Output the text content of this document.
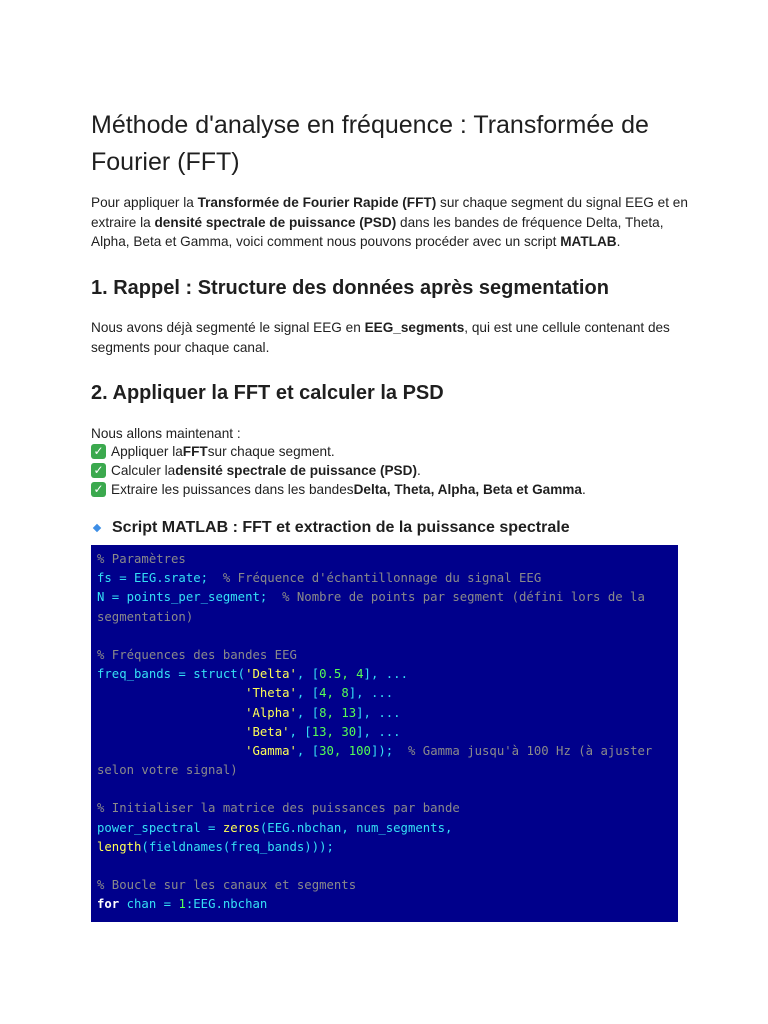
Méthode d'analyse en fréquence : Transformée de Fourier (FFT)

Pour appliquer la Transformée de Fourier Rapide (FFT) sur chaque segment du signal EEG et en extraire la densité spectrale de puissance (PSD) dans les bandes de fréquence Delta, Theta, Alpha, Beta et Gamma, voici comment nous pouvons procéder avec un script MATLAB.

1. Rappel : Structure des données après segmentation

Nous avons déjà segmenté le signal EEG en EEG_segments, qui est une cellule contenant des segments pour chaque canal.

2. Appliquer la FFT et calculer la PSD

Nous allons maintenant :

✓ Appliquer la FFT sur chaque segment.
✓ Calculer la densité spectrale de puissance (PSD) .
✓ Extraire les puissances dans les bandes Delta, Theta, Alpha, Beta et Gamma .
Script MATLAB : FFT et extraction de la puissance spectrale
% Paramètres
fs = EEG.srate; % Fréquence d'échantillonnage du signal EEG
N = points_per_segment; % Nombre de points par segment (défini lors de la
segmentation)
% Fréquences des bandes EEG
freq_bands = struct('Delta', [0.5, 4], ...
'Theta', [4, 8], ...
'Alpha', [8, 13], ...
'Beta', [13, 30], ...
'Gamma', [30, 100]); % Gamma jusqu'à 100 Hz (à ajuster
selon votre signal)
% Initialiser la matrice des puissances par bande
power_spectral = zeros(EEG.nbchan, num_segments,
length(fieldnames(freq_bands)));
% Boucle sur les canaux et segments
for chan = 1:EEG.nbchan
